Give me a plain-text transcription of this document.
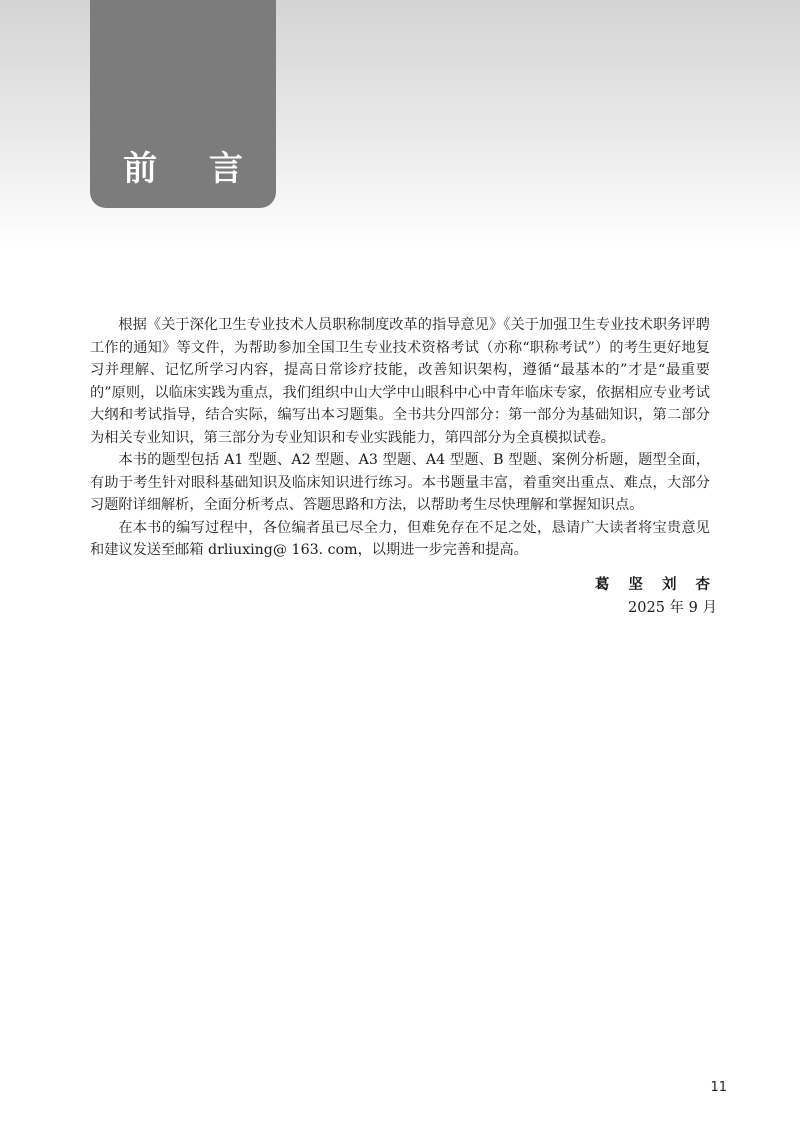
前 言

根据《关于深化卫生专业技术人员职称制度改革的指导意见》《关于加强卫生专业技术职务评聘工作的通知》等文件，为帮助参加全国卫生专业技术资格考试（亦称“职称考试”）的考生更好地复习并理解、记忆所学习内容，提高日常诊疗技能，改善知识架构，遵循“最基本的”才是“最重要的”原则，以临床实践为重点，我们组织中山大学中山眼科中心中青年临床专家，依据相应专业考试大纲和考试指导，结合实际，编写出本习题集。全书共分四部分：第一部分为基础知识，第二部分为相关专业知识，第三部分为专业知识和专业实践能力，第四部分为全真模拟试卷。

本书的题型包括 A1 型题、A2 型题、A3 型题、A4 型题、B 型题、案例分析题，题型全面，有助于考生针对眼科基础知识及临床知识进行练习。本书题量丰富，着重突出重点、难点，大部分习题附详细解析，全面分析考点、答题思路和方法，以帮助考生尽快理解和掌握知识点。

在本书的编写过程中，各位编者虽已尽全力，但难免存在不足之处，恳请广大读者将宝贵意见和建议发送至邮箱 drliuxing@ 163. com，以期进一步完善和提高。

葛 坚 刘 杏
2025 年 9 月
11
